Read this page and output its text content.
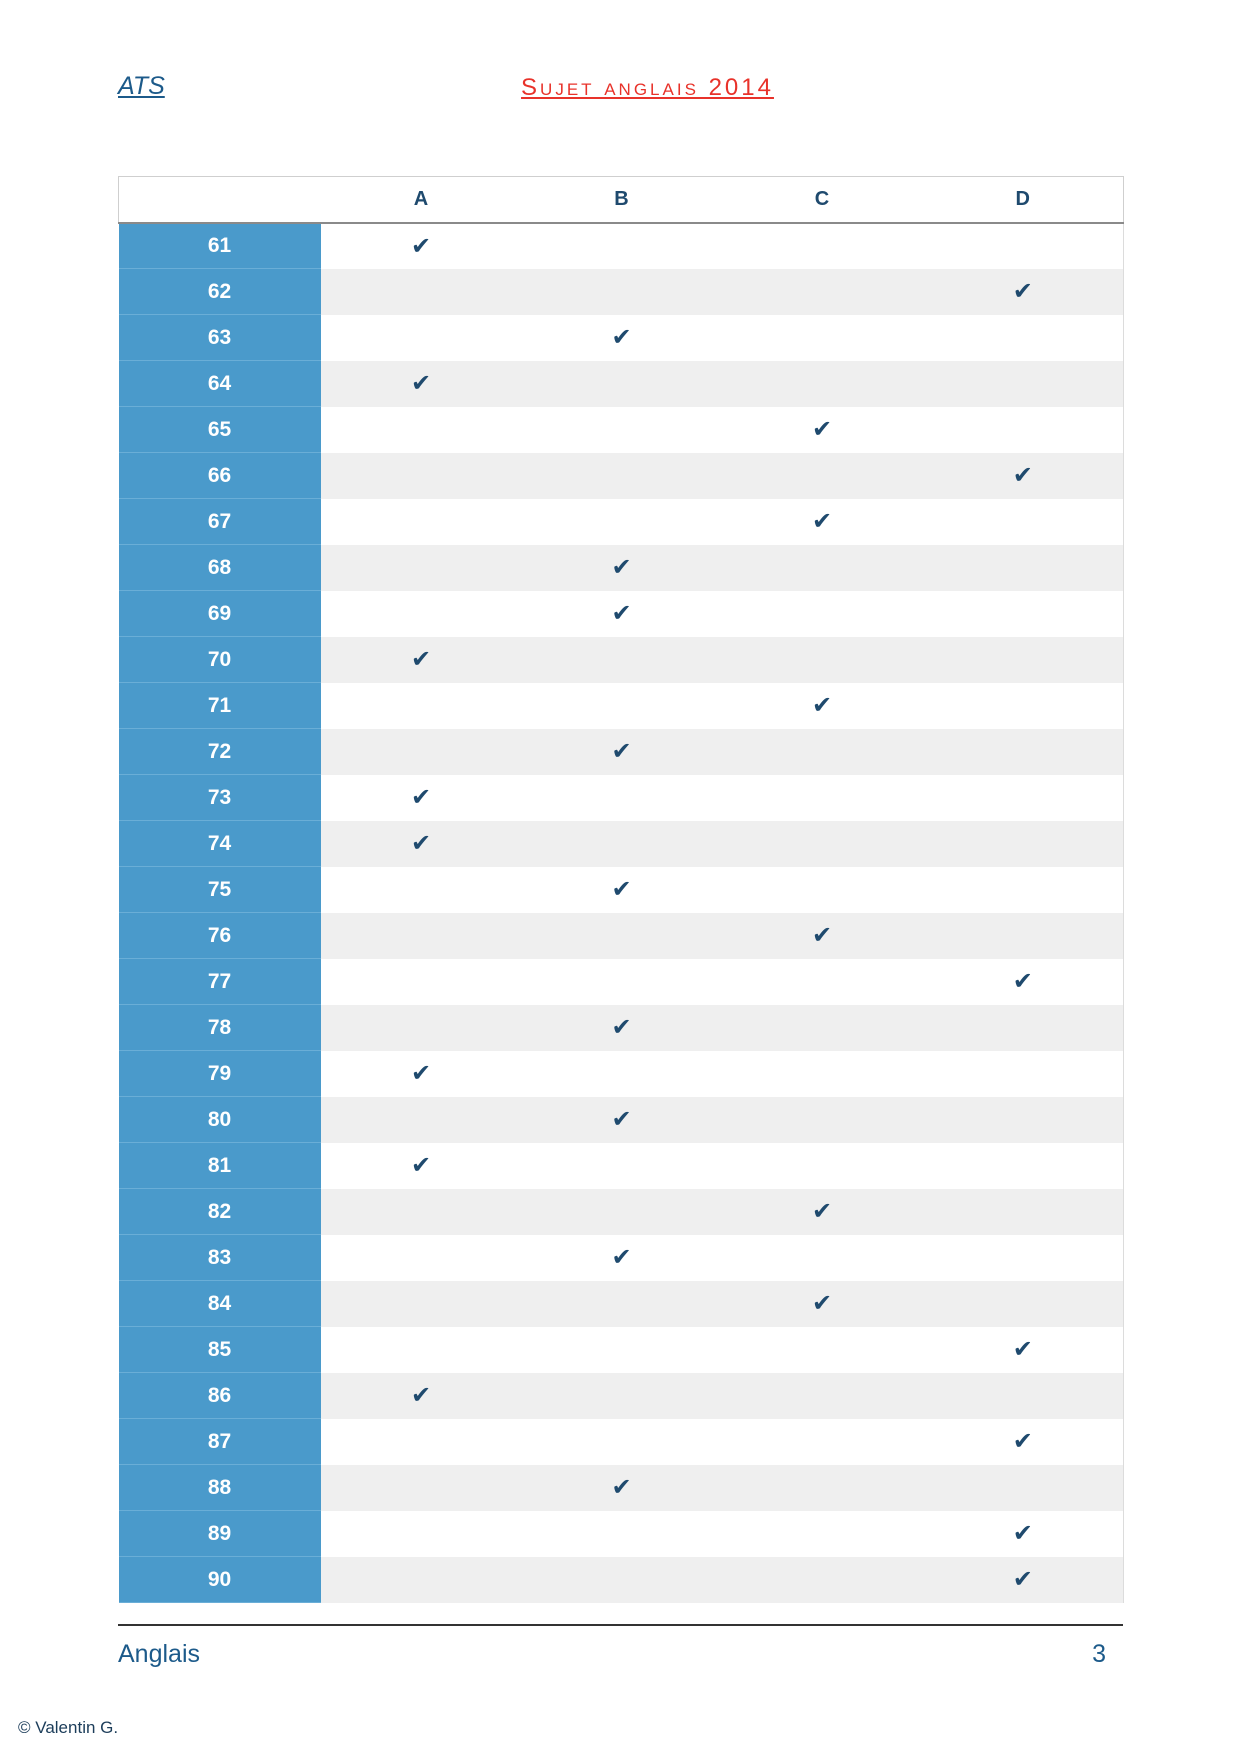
ATS	Sujet anglais 2014
	A	B	C	D
61	✔			
62				✔
63		✔		
64	✔			
65			✔	
66				✔
67			✔	
68		✔		
69		✔		
70	✔			
71			✔	
72		✔		
73	✔			
74	✔			
75		✔		
76			✔	
77				✔
78		✔		
79	✔			
80		✔		
81	✔			
82			✔	
83		✔		
84			✔	
85				✔
86	✔			
87				✔
88		✔		
89				✔
90				✔
Anglais	3
© Valentin G.
